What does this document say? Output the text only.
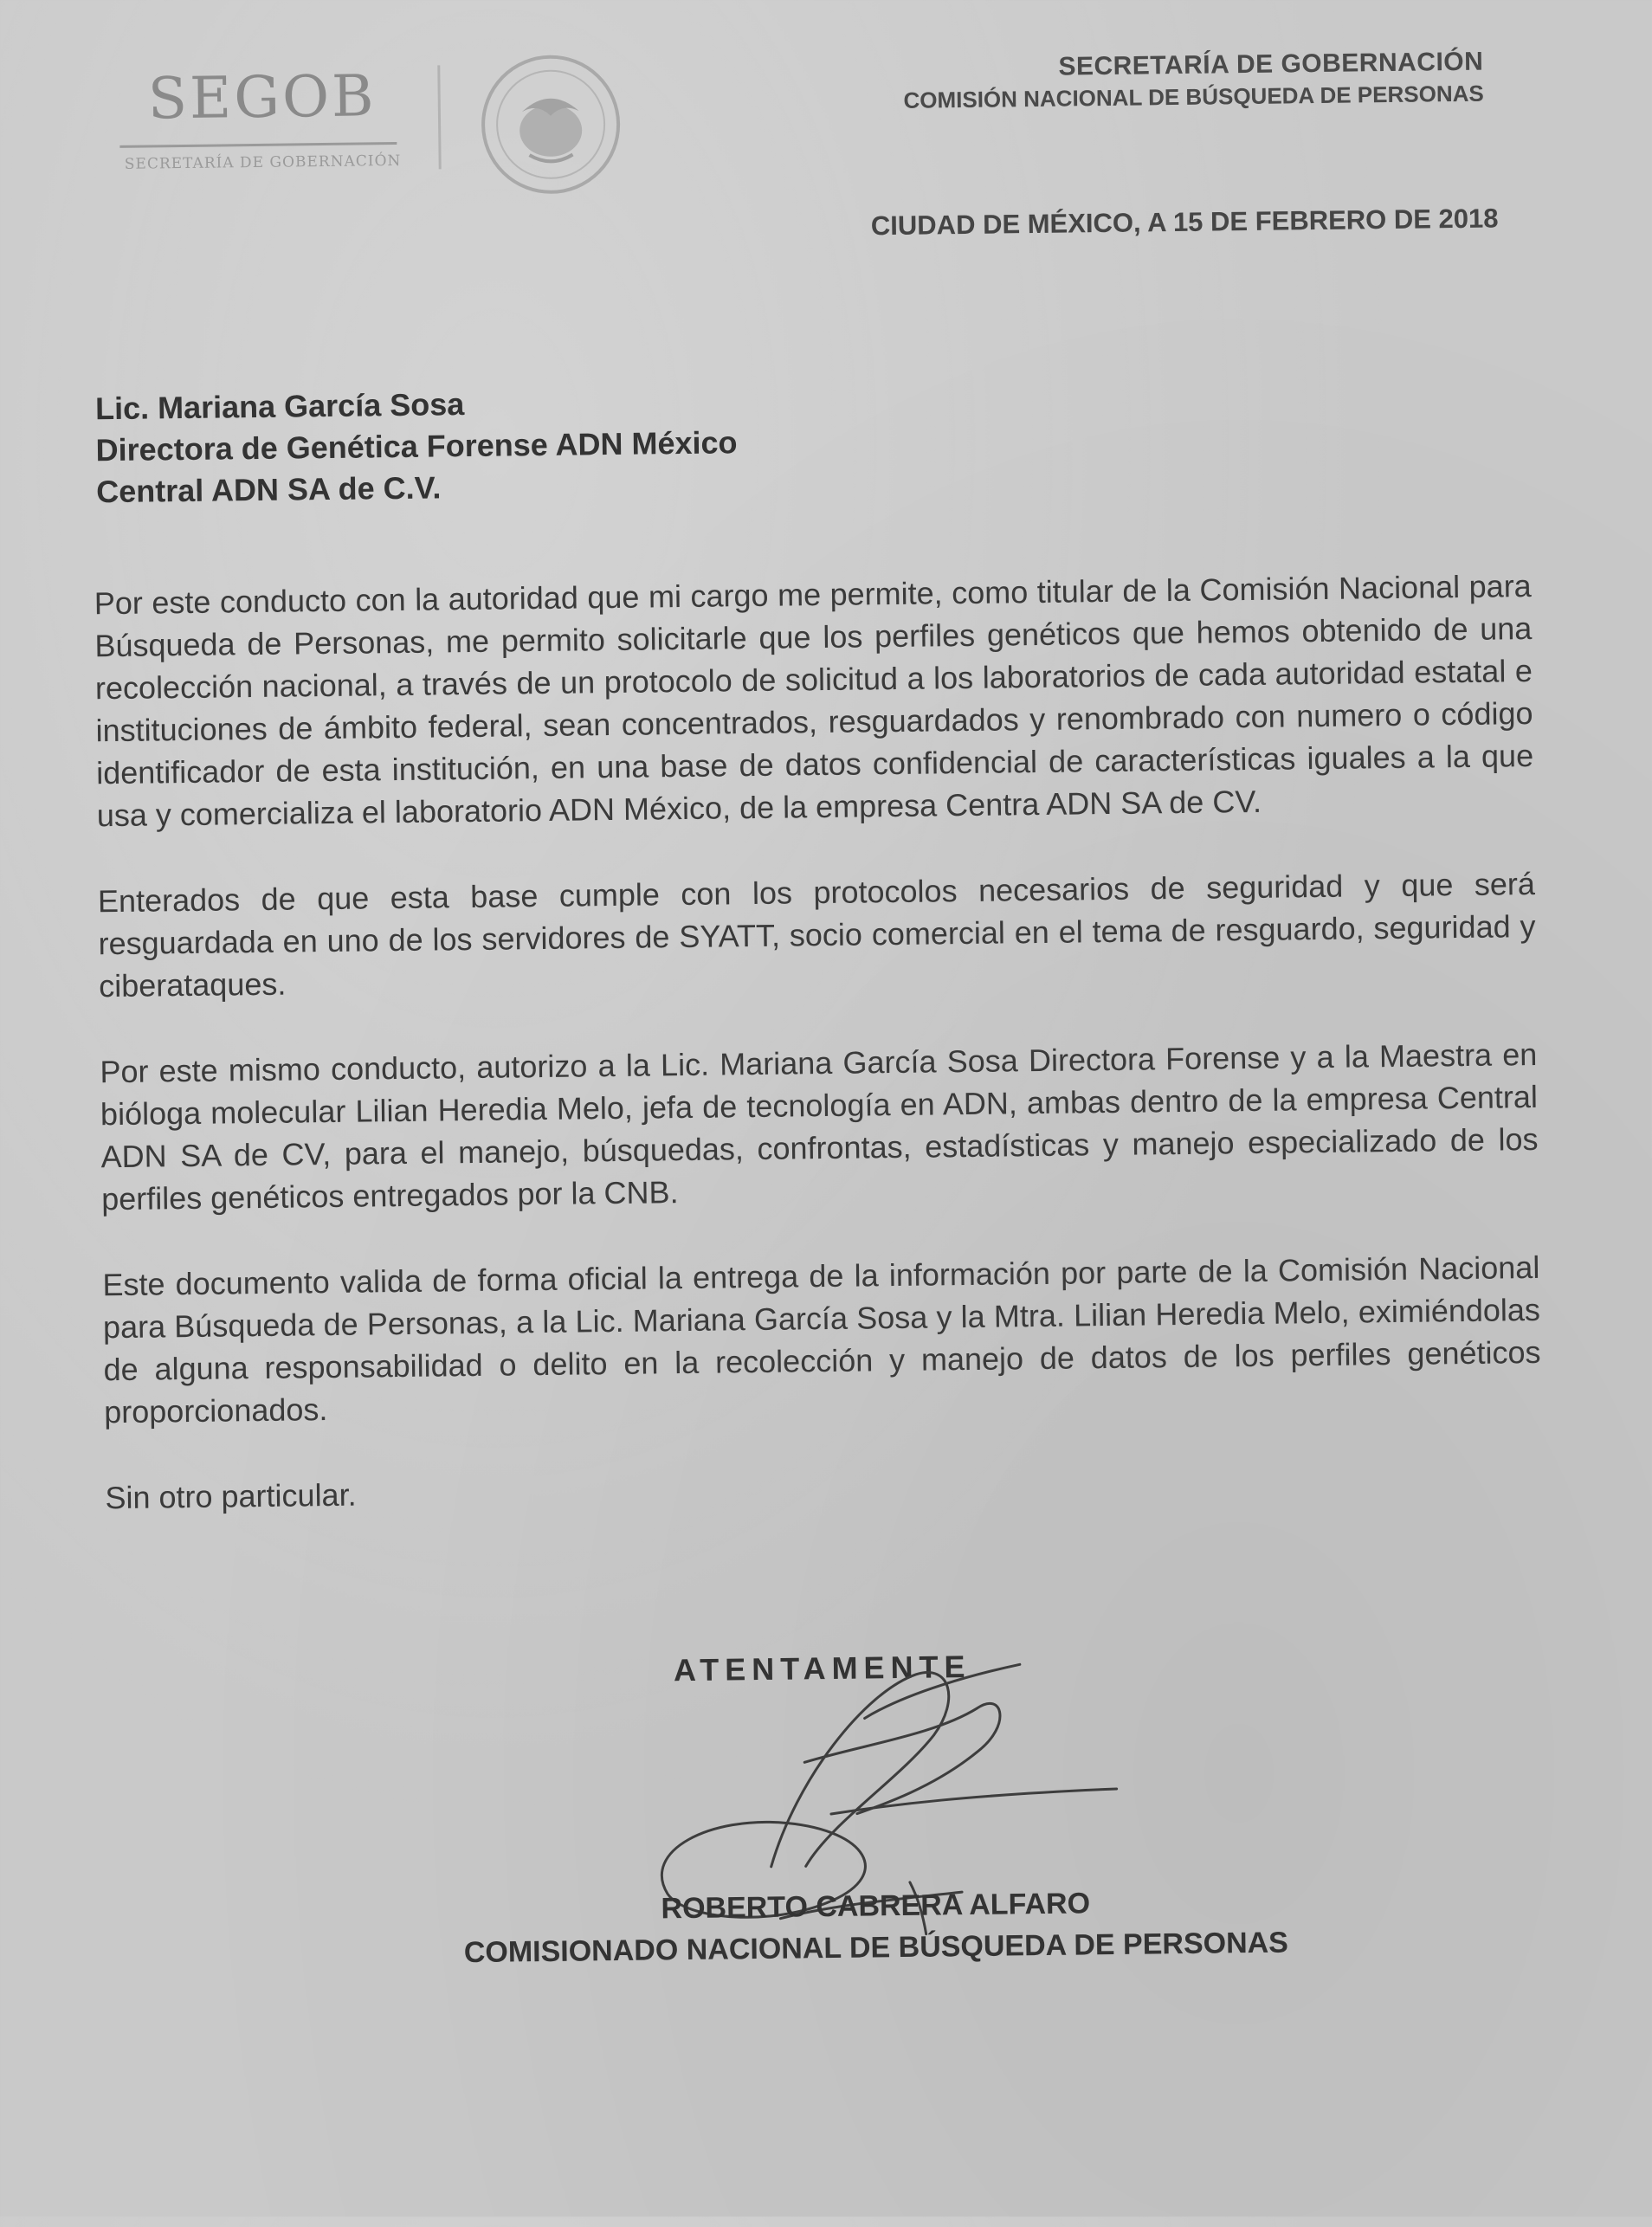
SEGOB
SECRETARÍA DE GOBERNACIÓN
SECRETARÍA DE GOBERNACIÓN
COMISIÓN NACIONAL DE BÚSQUEDA DE PERSONAS
CIUDAD DE MÉXICO, A 15 DE FEBRERO DE 2018
Lic. Mariana García Sosa
Directora de Genética Forense ADN México
Central ADN SA de C.V.

Por este conducto con la autoridad que mi cargo me permite, como titular de la Comisión Nacional para Búsqueda de Personas, me permito solicitarle que los perfiles genéticos que hemos obtenido de una recolección nacional, a través de un protocolo de solicitud a los laboratorios de cada autoridad estatal e instituciones de ámbito federal, sean concentrados, resguardados y renombrado con numero o código identificador de esta institución, en una base de datos confidencial de características iguales a la que usa y comercializa el laboratorio ADN México, de la empresa Centra ADN SA de CV.

Enterados de que esta base cumple con los protocolos necesarios de seguridad y que será resguardada en uno de los servidores de SYATT, socio comercial en el tema de resguardo, seguridad y ciberataques.

Por este mismo conducto, autorizo a la Lic. Mariana García Sosa Directora Forense y a la Maestra en biólogа molecular Lilian Heredia Melo, jefa de tecnología en ADN, ambas dentro de la empresa Central ADN SA de CV, para el manejo, búsquedas, confrontas, estadísticas y manejo especializado de los perfiles genéticos entregados por la CNB.

Este documento valida de forma oficial la entrega de la información por parte de la Comisión Nacional para Búsqueda de Personas, a la Lic. Mariana García Sosa y la Mtra. Lilian Heredia Melo, eximiéndolas de alguna responsabilidad o delito en la recolección y manejo de datos de los perfiles genéticos proporcionados.

Sin otro particular.

ATENTAMENTE
ROBERTO CABRERA ALFARO
COMISIONADO NACIONAL DE BÚSQUEDA DE PERSONAS
